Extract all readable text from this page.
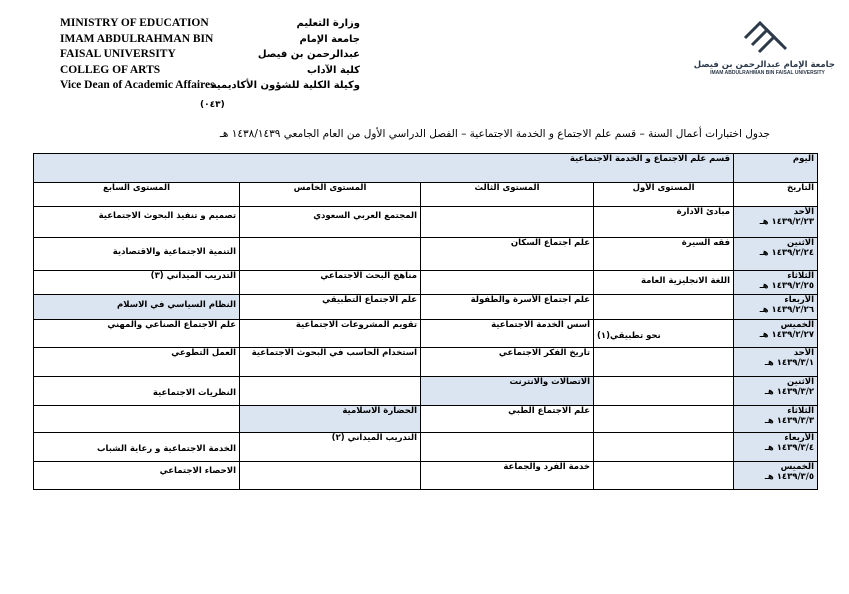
MINISTRY OF EDUCATION
IMAM ABDULRAHMAN BIN
FAISAL UNIVERSITY
COLLEG OF ARTS
Vice Dean of Academic Affaires
وزارة التعليم
جامعة الإمام
عبدالرحمن بن فيصل
كلية الآداب
وكيلة الكلية للشؤون الأكاديمية
(٠٤٣)
جامعة الإمام عبدالرحمن بن فيصل
IMAM ABDULRAHMAN BIN FAISAL UNIVERSITY
جدول اختبارات أعمال السنة – قسم علم الاجتماع و الخدمة الاجتماعية – الفصل الدراسي الأول من العام الجامعي ١٤٣٨/١٤٣٩ هـ
اليوم	قسم علم الاجتماع و الخدمة الاجتماعية			
التاريخ	المستوى الأول	المستوى الثالث	المستوى الخامس	المستوى السابع

الأحد
١٤٣٩/٢/٢٣ هـ	مبادئ الادارة		المجتمع العربي السعودي	تصميم و تنفيذ البحوث الاجتماعية

الاثنين
١٤٣٩/٢/٢٤ هـ	فقه السيرة	علم اجتماع السكان		التنمية الاجتماعية والاقتصادية

الثلاثاء
١٤٣٩/٢/٢٥ هـ	اللغة الانجليزية العامة		مناهج البحث الاجتماعي	التدريب الميداني (٣)

الأربعاء
١٤٣٩/٢/٢٦ هـ		علم اجتماع الأسرة والطفولة	علم الاجتماع التطبيقي	النظام السياسي في الاسلام

الخميس
١٤٣٩/٢/٢٧ هـ	نحو تطبيقي(١)	أسس الخدمة الاجتماعية	تقويم المشروعات الاجتماعية	علم الاجتماع الصناعي والمهني

الأحد
١٤٣٩/٣/١ هـ		تاريخ الفكر الاجتماعي	استخدام الحاسب في البحوث الاجتماعية	العمل التطوعي

الاثنين
١٤٣٩/٣/٢ هـ		الاتصالات والانترنت		النظريات الاجتماعية

الثلاثاء
١٤٣٩/٣/٣ هـ		علم الاجتماع الطبي	الحضارة الاسلامية	

الأربعاء
١٤٣٩/٣/٤ هـ			التدريب الميداني (٢)	الخدمة الاجتماعية و رعاية الشباب

الخميس
١٤٣٩/٣/٥ هـ		خدمة الفرد والجماعة		الاحصاء الاجتماعي
